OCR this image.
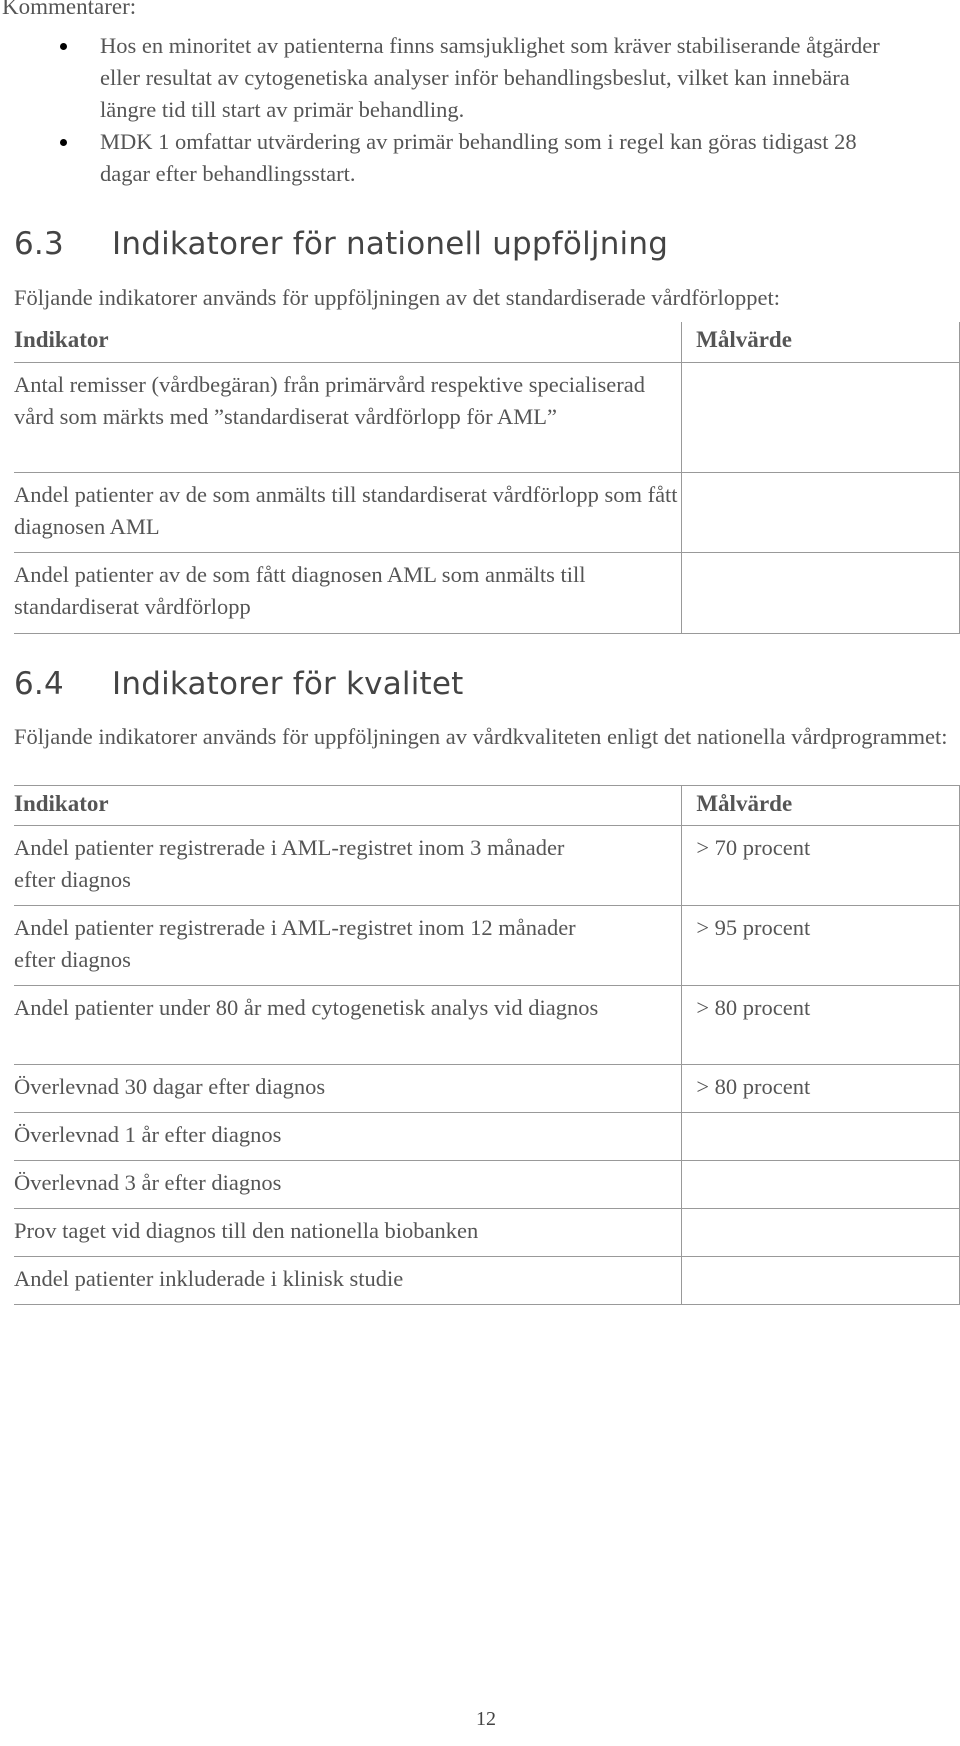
Kommentarer:
Hos en minoritet av patienterna finns samsjuklighet som kräver stabiliserande åtgärder eller resultat av cytogenetiska analyser inför behandlingsbeslut, vilket kan innebära längre tid till start av primär behandling.
MDK 1 omfattar utvärdering av primär behandling som i regel kan göras tidigast 28 dagar efter behandlingsstart.
6.3 Indikatorer för nationell uppföljning
Följande indikatorer används för uppföljningen av det standardiserade vårdförloppet:
Indikator	Målvärde

Antal remisser (vårdbegäran) från primärvård respektive specialiserad vård som märkts med ”standardiserat vårdförlopp för AML”	

Andel patienter av de som anmälts till standardiserat vårdförlopp som fått diagnosen AML	

Andel patienter av de som fått diagnosen AML som anmälts till standardiserat vårdförlopp	

6.4 Indikatorer för kvalitet
Följande indikatorer används för uppföljningen av vårdkvaliteten enligt det nationella vårdprogrammet:
Indikator	Målvärde

Andel patienter registrerade i AML-registret inom 3 månader efter diagnos	> 70 procent

Andel patienter registrerade i AML-registret inom 12 månader efter diagnos	> 95 procent

Andel patienter under 80 år med cytogenetisk analys vid diagnos	> 80 procent

Överlevnad 30 dagar efter diagnos	> 80 procent

Överlevnad 1 år efter diagnos	

Överlevnad 3 år efter diagnos	

Prov taget vid diagnos till den nationella biobanken	

Andel patienter inkluderade i klinisk studie	

12
